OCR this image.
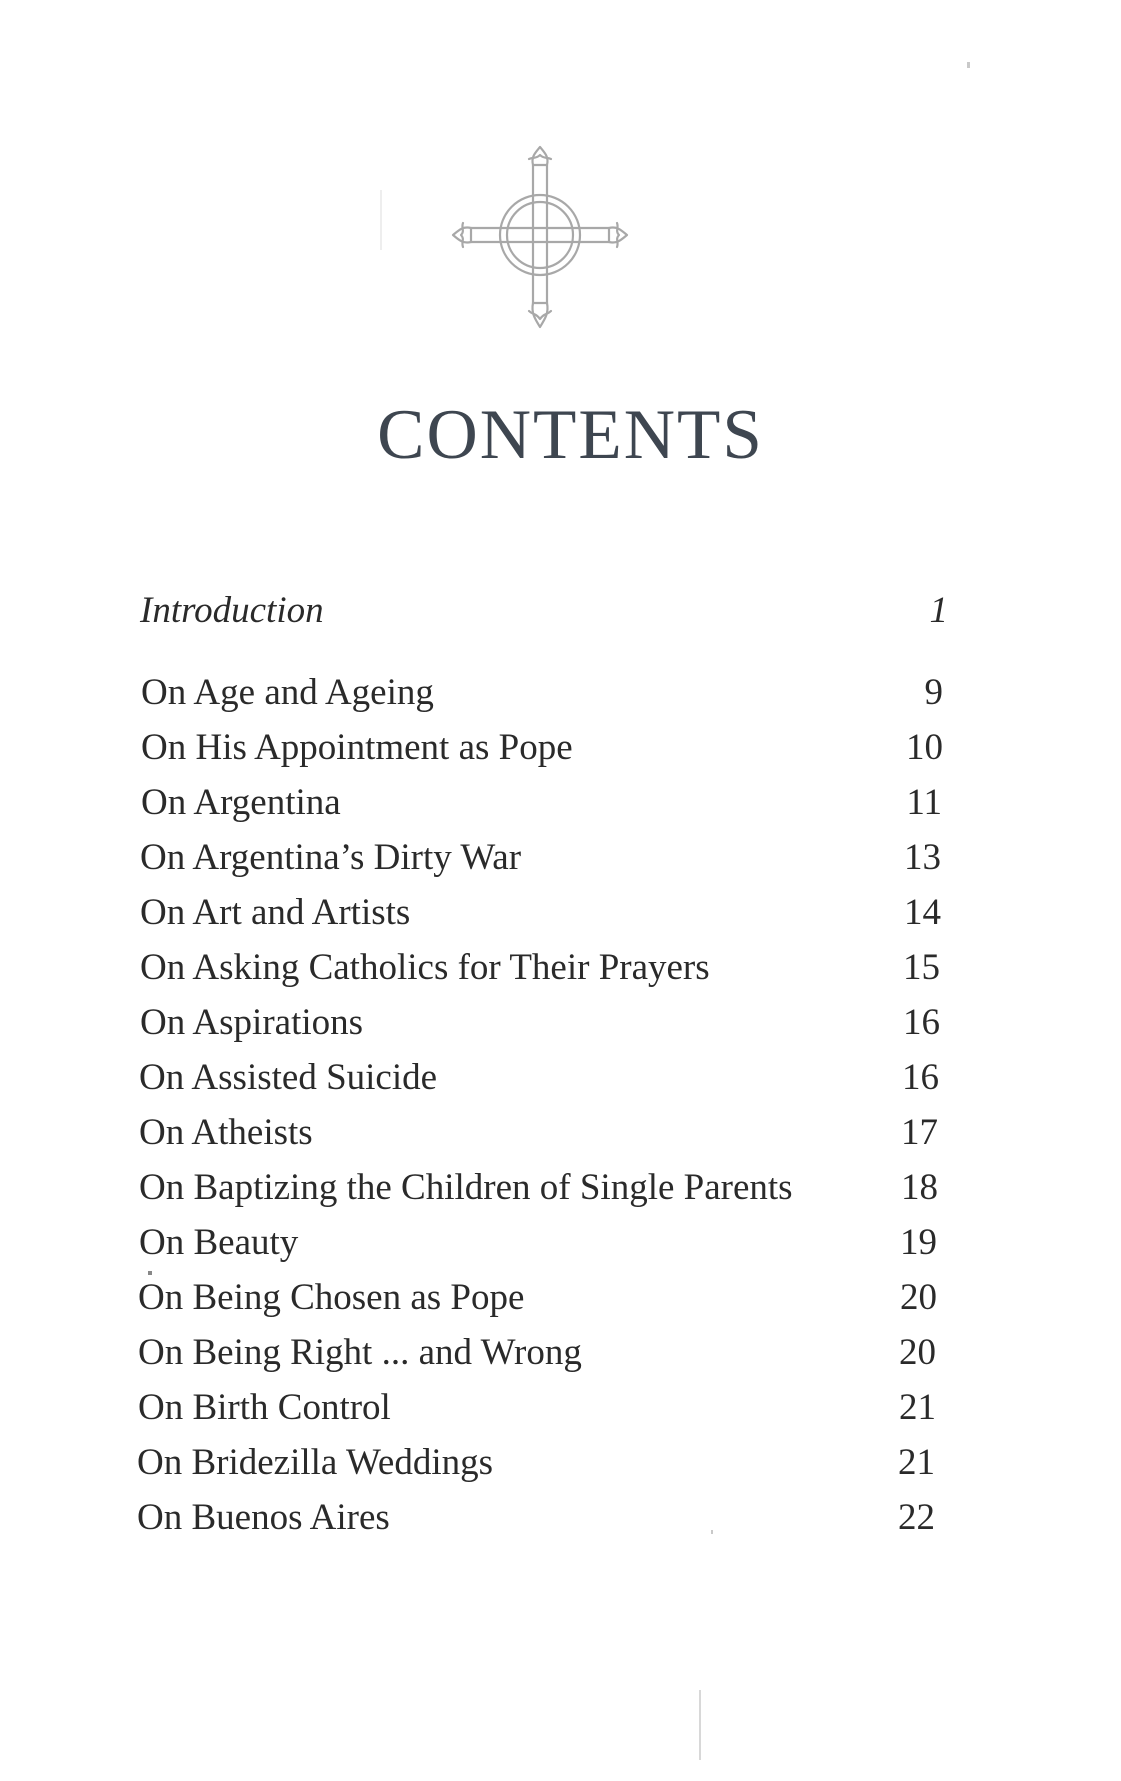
CONTENTS
Introduction	1
On Age and Ageing	9
On His Appointment as Pope	10
On Argentina	11
On Argentina’s Dirty War	13
On Art and Artists	14
On Asking Catholics for Their Prayers	15
On Aspirations	16
On Assisted Suicide	16
On Atheists	17
On Baptizing the Children of Single Parents	18
On Beauty	19
On Being Chosen as Pope	20
On Being Right ... and Wrong	20
On Birth Control	21
On Bridezilla Weddings	21
On Buenos Aires	22
